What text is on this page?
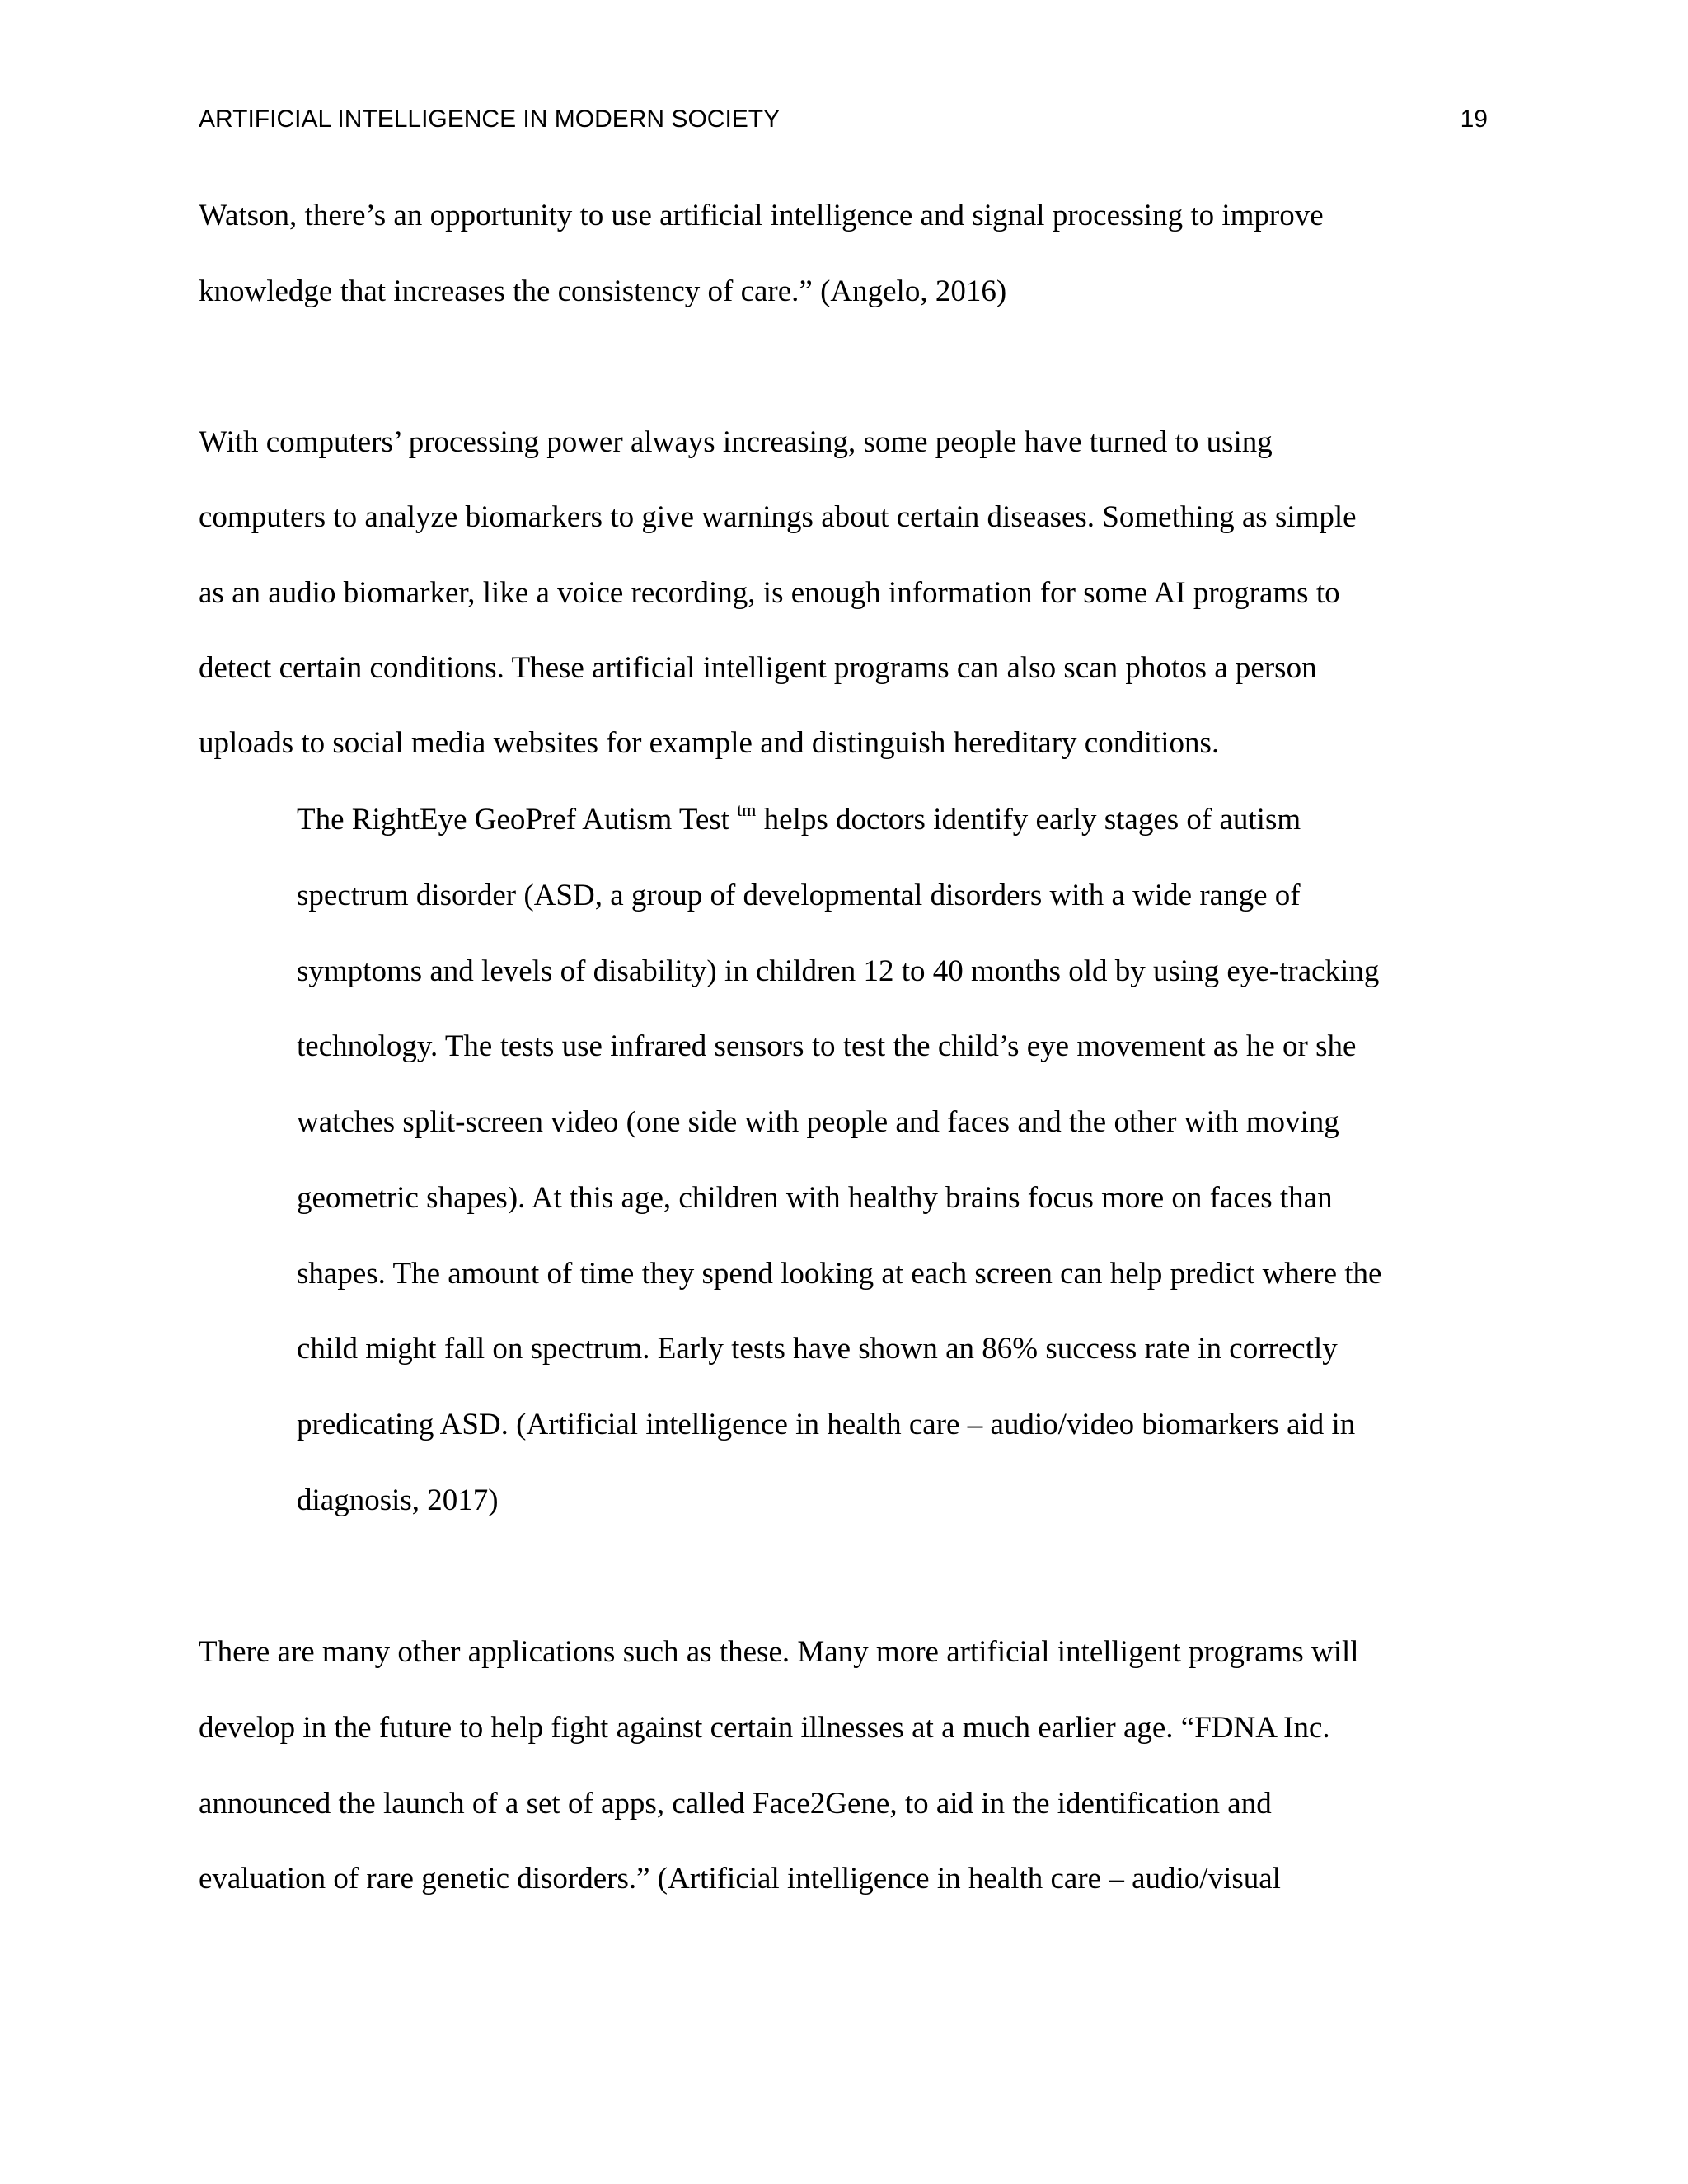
ARTIFICIAL INTELLIGENCE IN MODERN SOCIETY	19
Watson, there’s an opportunity to use artificial intelligence and signal processing to improve
knowledge that increases the consistency of care.” (Angelo, 2016)
With computers’ processing power always increasing, some people have turned to using
computers to analyze biomarkers to give warnings about certain diseases. Something as simple
as an audio biomarker, like a voice recording, is enough information for some AI programs to
detect certain conditions. These artificial intelligent programs can also scan photos a person
uploads to social media websites for example and distinguish hereditary conditions.
The RightEye GeoPref Autism Test $^{tm}$ helps doctors identify early stages of autism
spectrum disorder (ASD, a group of developmental disorders with a wide range of
symptoms and levels of disability) in children 12 to 40 months old by using eye-tracking
technology. The tests use infrared sensors to test the child’s eye movement as he or she
watches split-screen video (one side with people and faces and the other with moving
geometric shapes). At this age, children with healthy brains focus more on faces than
shapes. The amount of time they spend looking at each screen can help predict where the
child might fall on spectrum. Early tests have shown an 86% success rate in correctly
predicating ASD. (Artificial intelligence in health care – audio/video biomarkers aid in
diagnosis, 2017)
There are many other applications such as these. Many more artificial intelligent programs will
develop in the future to help fight against certain illnesses at a much earlier age. “FDNA Inc.
announced the launch of a set of apps, called Face2Gene, to aid in the identification and
evaluation of rare genetic disorders.” (Artificial intelligence in health care – audio/visual
